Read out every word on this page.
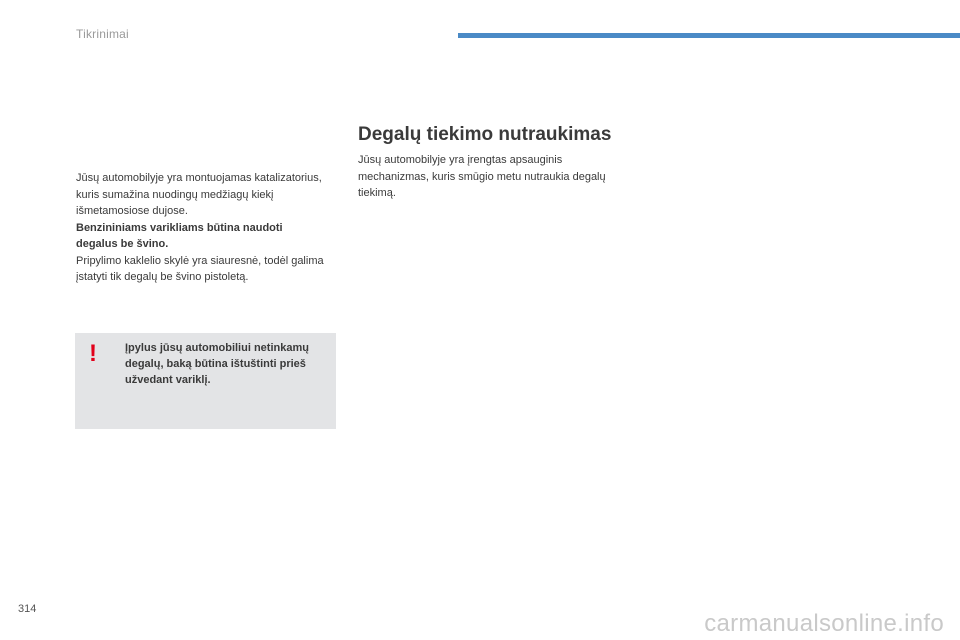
Tikrinimai

Jūsų automobilyje yra montuojamas katalizatorius, kuris sumažina nuodingų medžiagų kiekį išmetamosiose dujose.

Benzininiams varikliams būtina naudoti degalus be švino.

Pripylimo kaklelio skylė yra siauresnė, todėl galima įstatyti tik degalų be švino pistoletą.

!	Įpylus jūsų automobiliui netinkamų degalų, baką būtina ištuštinti prieš užvedant variklį.
Degalų tiekimo nutraukimas

Jūsų automobilyje yra įrengtas apsauginis mechanizmas, kuris smūgio metu nutraukia degalų tiekimą.

314
carmanualsonline.info
